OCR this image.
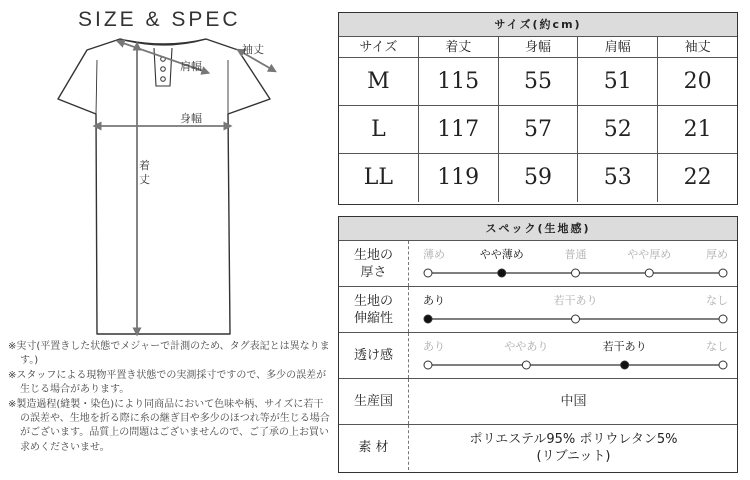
SIZE & SPEC
肩幅
袖丈
身幅
着
丈
※実寸(平置きした状態でメジャーで計測のため、タグ表記とは異なります。)
※スタッフによる現物平置き状態での実測採寸ですので、多少の誤差が生じる場合があります。
※製造過程(縫製・染色)により同商品において色味や柄、サイズに若干の誤差や、生地を折る際に糸の継ぎ目や多少のほつれ等が生じる場合がございます。品質上の問題はございませんので、ご了承の上お買い求めくださいませ。
サイズ(約cm)
サイズ	着丈	身幅	肩幅	袖丈
M	115	55	51	20
L	117	57	52	21
LL	119	59	53	22
スペック(生地感)
生地の
厚さ
薄め	やや薄め	普通	やや厚め	厚め
生地の
伸縮性
あり	若干あり	なし
透け感
あり	ややあり	若干あり	なし
生産国	中国
素 材
ポリエステル95% ポリウレタン5%
(リブニット)
